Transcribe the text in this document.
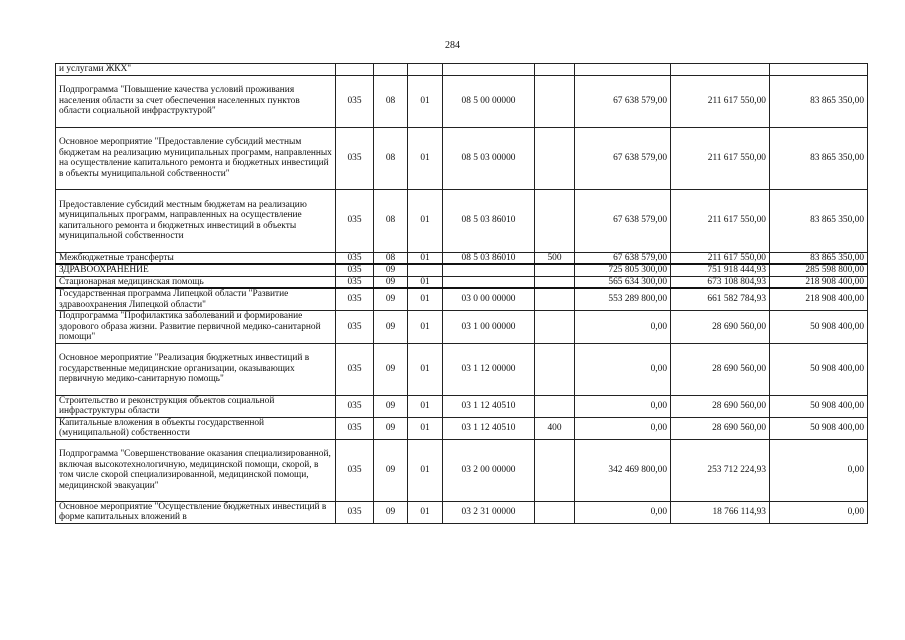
284
и услугами ЖКХ"								
Подпрограмма "Повышение качества условий проживания населения области за счет обеспечения населенных пунктов области социальной инфраструктурой"	035	08	01	08 5 00 00000		67 638 579,00	211 617 550,00	83 865 350,00
Основное мероприятие "Предоставление субсидий местным бюджетам на реализацию муниципальных программ, направленных на осуществление капитального ремонта и бюджетных инвестиций в объекты муниципальной собственности"	035	08	01	08 5 03 00000		67 638 579,00	211 617 550,00	83 865 350,00
Предоставление субсидий местным бюджетам на реализацию муниципальных программ, направленных на осуществление капитального ремонта и бюджетных инвестиций в объекты муниципальной собственности	035	08	01	08 5 03 86010		67 638 579,00	211 617 550,00	83 865 350,00
Межбюджетные трансферты	035	08	01	08 5 03 86010	500	67 638 579,00	211 617 550,00	83 865 350,00
ЗДРАВООХРАНЕНИЕ	035	09				725 805 300,00	751 918 444,93	285 598 800,00
Стационарная медицинская помощь	035	09	01			565 634 300,00	673 108 804,93	218 908 400,00
Государственная программа Липецкой области "Развитие здравоохранения Липецкой области"	035	09	01	03 0 00 00000		553 289 800,00	661 582 784,93	218 908 400,00
Подпрограмма "Профилактика заболеваний и формирование здорового образа жизни. Развитие первичной медико-санитарной помощи"	035	09	01	03 1 00 00000		0,00	28 690 560,00	50 908 400,00
Основное мероприятие "Реализация бюджетных инвестиций в государственные медицинские организации, оказывающих первичную медико-санитарную помощь"	035	09	01	03 1 12 00000		0,00	28 690 560,00	50 908 400,00
Строительство и реконструкция объектов социальной инфраструктуры области	035	09	01	03 1 12 40510		0,00	28 690 560,00	50 908 400,00
Капитальные вложения в объекты государственной (муниципальной) собственности	035	09	01	03 1 12 40510	400	0,00	28 690 560,00	50 908 400,00
Подпрограмма "Совершенствование оказания специализированной, включая высокотехнологичную, медицинской помощи, скорой, в том числе скорой специализированной, медицинской помощи, медицинской эвакуации"	035	09	01	03 2 00 00000		342 469 800,00	253 712 224,93	0,00
Основное мероприятие "Осуществление бюджетных инвестиций в форме капитальных вложений в	035	09	01	03 2 31 00000		0,00	18 766 114,93	0,00
